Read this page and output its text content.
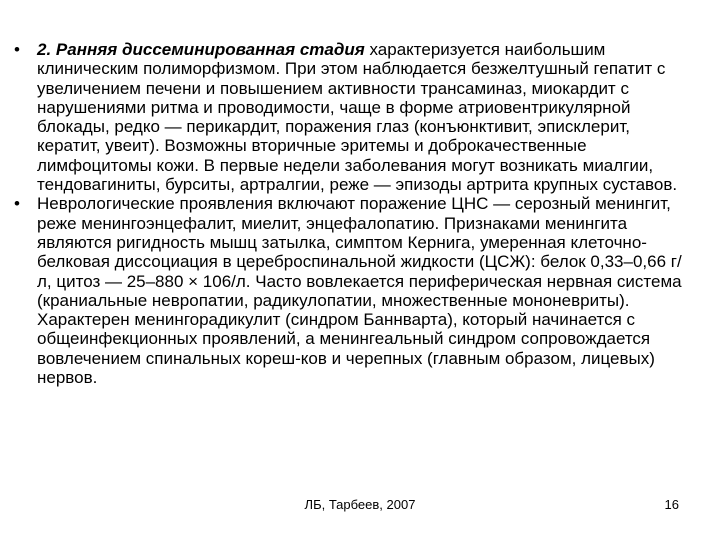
•	2. Ранняя диссеминированная стадия характеризуется наибольшим клиническим полиморфизмом. При этом наблюдается безжелтушный гепатит с увеличением печени и повышением активности трансаминаз, миокардит с нарушениями ритма и проводимости, чаще в форме атриовентрикулярной блокады, редко — перикардит, поражения глаз (конъюнктивит, эписклерит, кератит, увеит). Возможны вторичные эритемы и доброкачественные лимфоцитомы кожи. В первые недели заболевания могут возникать миалгии, тендовагиниты, бурситы, артралгии, реже — эпизоды артрита крупных суставов.
•	Неврологические проявления включают поражение ЦНС — серозный менингит, реже менингоэнцефалит, миелит, энцефалопатию. Признаками менингита являются ригидность мышц затылка, симптом Кернига, умеренная клеточно-белковая диссоциация в цереброспинальной жидкости (ЦСЖ): белок 0,33–0,66 г/л, цитоз — 25–880 × 106/л. Часто вовлекается периферическая нервная система (краниальные невропатии, радикулопатии, множественные мононевриты). Характерен менингорадикулит (синдром Баннварта), который начинается с общеинфекционных проявлений, а менингеальный синдром сопровождается вовлечением спинальных кореш-ков и черепных (главным образом, лицевых) нервов.
ЛБ, Тарбеев, 2007	16
